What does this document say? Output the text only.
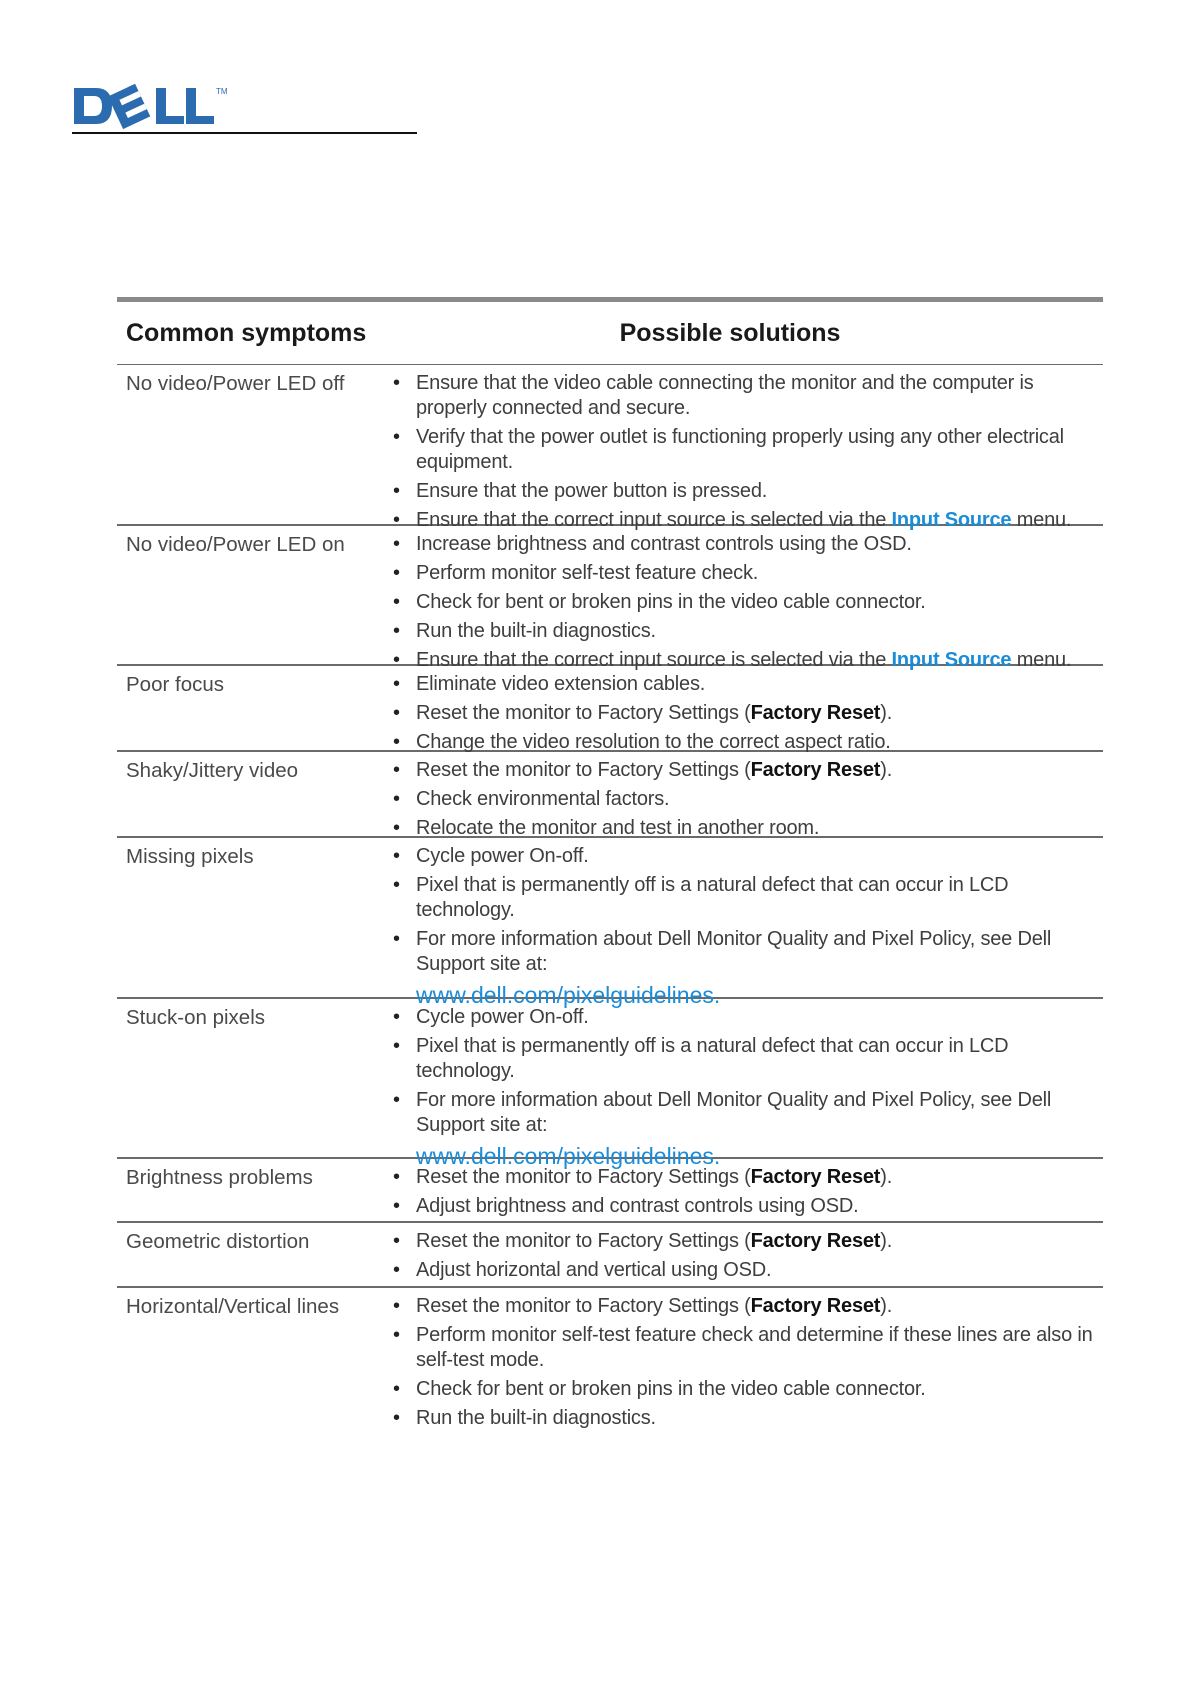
TM
Common symptoms	Possible solutions
No video/Power LED off	• Ensure that the video cable connecting the monitor and the computer is properly connected and secure.
• Verify that the power outlet is functioning properly using any other electrical equipment.
• Ensure that the power button is pressed.
• Ensure that the correct input source is selected via the Input Source menu.
No video/Power LED on	• Increase brightness and contrast controls using the OSD.
• Perform monitor self-test feature check.
• Check for bent or broken pins in the video cable connector.
• Run the built-in diagnostics.
• Ensure that the correct input source is selected via the Input Source menu.
Poor focus	• Eliminate video extension cables.
• Reset the monitor to Factory Settings (Factory Reset).
• Change the video resolution to the correct aspect ratio.
Shaky/Jittery video	• Reset the monitor to Factory Settings (Factory Reset).
• Check environmental factors.
• Relocate the monitor and test in another room.
Missing pixels	• Cycle power On-off.
• Pixel that is permanently off is a natural defect that can occur in LCD technology.
• For more information about Dell Monitor Quality and Pixel Policy, see Dell Support site at:
www.dell.com/pixelguidelines.
Stuck-on pixels	• Cycle power On-off.
• Pixel that is permanently off is a natural defect that can occur in LCD technology.
• For more information about Dell Monitor Quality and Pixel Policy, see Dell Support site at:
www.dell.com/pixelguidelines.
Brightness problems	• Reset the monitor to Factory Settings (Factory Reset).
• Adjust brightness and contrast controls using OSD.
Geometric distortion	• Reset the monitor to Factory Settings (Factory Reset).
• Adjust horizontal and vertical using OSD.
Horizontal/Vertical lines	• Reset the monitor to Factory Settings (Factory Reset).
• Perform monitor self-test feature check and determine if these lines are also in self-test mode.
• Check for bent or broken pins in the video cable connector.
• Run the built-in diagnostics.
